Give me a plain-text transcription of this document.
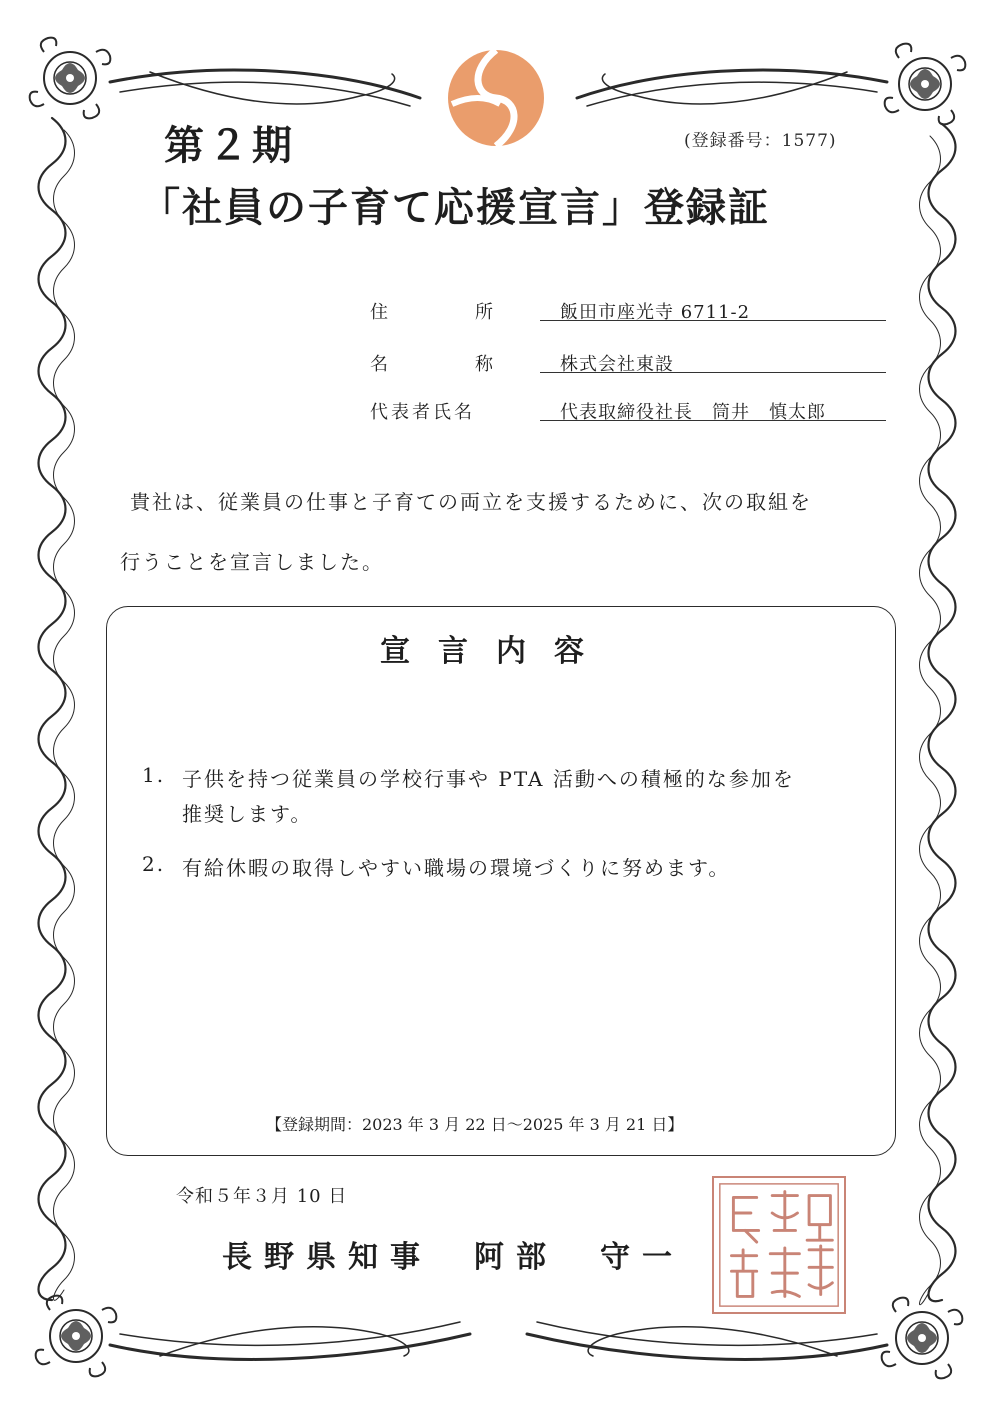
第２期	(登録番号：1577)

「社員の子育て応援宣言」登録証

住　　　　所	飯田市座光寺 6711-2

名　　　　称	株式会社東設

代表者氏名	代表取締役社長　筒井　慎太郎

貴社は、従業員の仕事と子育ての両立を支援するために、次の取組を

行うことを宣言しました。

宣言内容

1. 子供を持つ従業員の学校行事や PTA 活動への積極的な参加を

推奨します。

2. 有給休暇の取得しやすい職場の環境づくりに努めます。

【登録期間：2023 年 3 月 22 日～2025 年 3 月 21 日】

令和５年３月 10 日

長野県知事　阿部　守一
